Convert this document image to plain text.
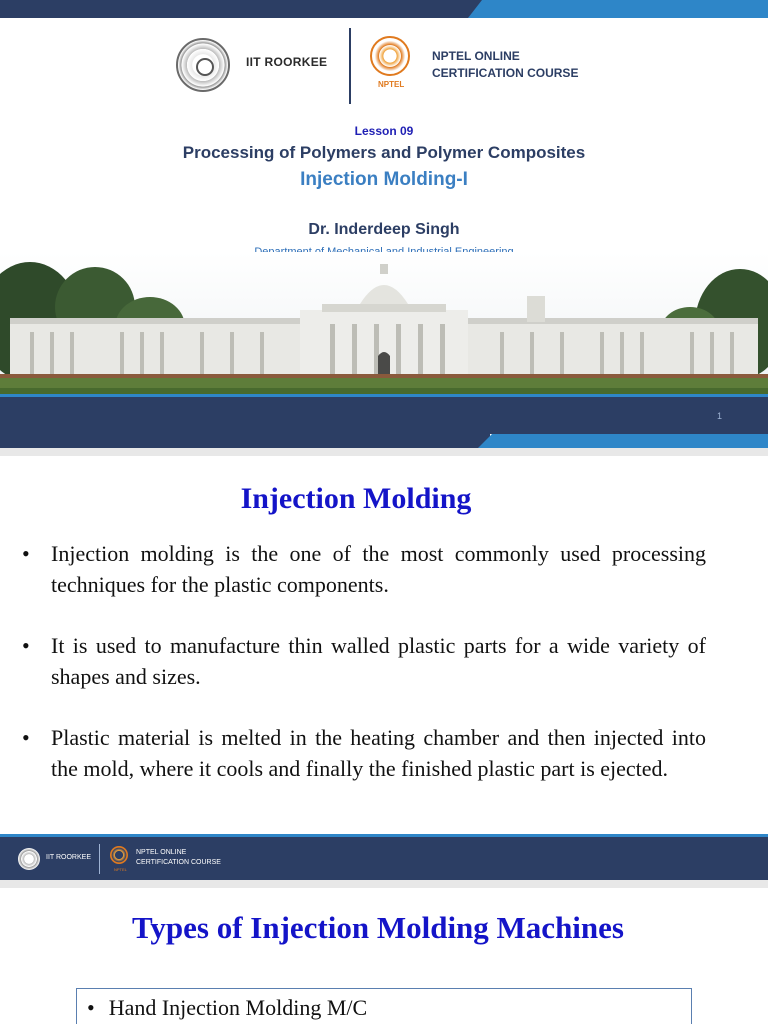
IIT ROORKEE
NPTEL
NPTEL ONLINE
CERTIFICATION COURSE
Lesson 09
Processing of Polymers and Polymer Composites
Injection Molding-I
Dr. Inderdeep Singh
1
Injection Molding
• Injection molding is the one of the most commonly used processing techniques for the plastic components.
• It is used to manufacture thin walled plastic parts for a wide variety of shapes and sizes.
• Plastic material is melted in the heating chamber and then injected into the mold, where it cools and finally the finished plastic part is ejected.
IIT ROORKEE
NPTEL
NPTEL ONLINE
CERTIFICATION COURSE
Types of Injection Molding Machines
• Hand Injection Molding M/C
